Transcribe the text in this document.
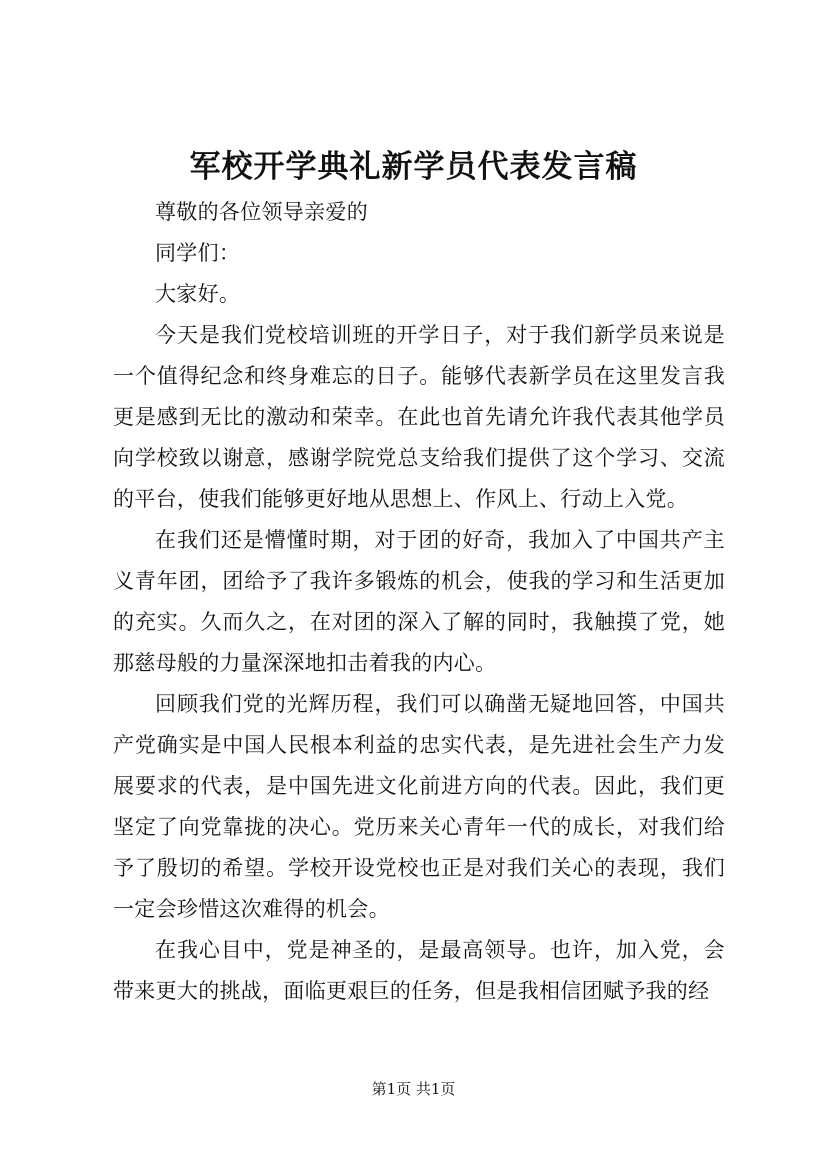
军校开学典礼新学员代表发言稿

尊敬的各位领导亲爱的

同学们：

大家好。

今天是我们党校培训班的开学日子，对于我们新学员来说是一个值得纪念和终身难忘的日子。能够代表新学员在这里发言我更是感到无比的激动和荣幸。在此也首先请允许我代表其他学员向学校致以谢意，感谢学院党总支给我们提供了这个学习、交流的平台，使我们能够更好地从思想上、作风上、行动上入党。

在我们还是懵懂时期，对于团的好奇，我加入了中国共产主义青年团，团给予了我许多锻炼的机会，使我的学习和生活更加的充实。久而久之，在对团的深入了解的同时，我触摸了党，她那慈母般的力量深深地扣击着我的内心。

回顾我们党的光辉历程，我们可以确凿无疑地回答，中国共产党确实是中国人民根本利益的忠实代表，是先进社会生产力发展要求的代表，是中国先进文化前进方向的代表。因此，我们更坚定了向党靠拢的决心。党历来关心青年一代的成长，对我们给予了殷切的希望。学校开设党校也正是对我们关心的表现，我们一定会珍惜这次难得的机会。

在我心目中，党是神圣的，是最高领导。也许，加入党，会带来更大的挑战，面临更艰巨的任务，但是我相信团赋予我的经

第1页 共1页
